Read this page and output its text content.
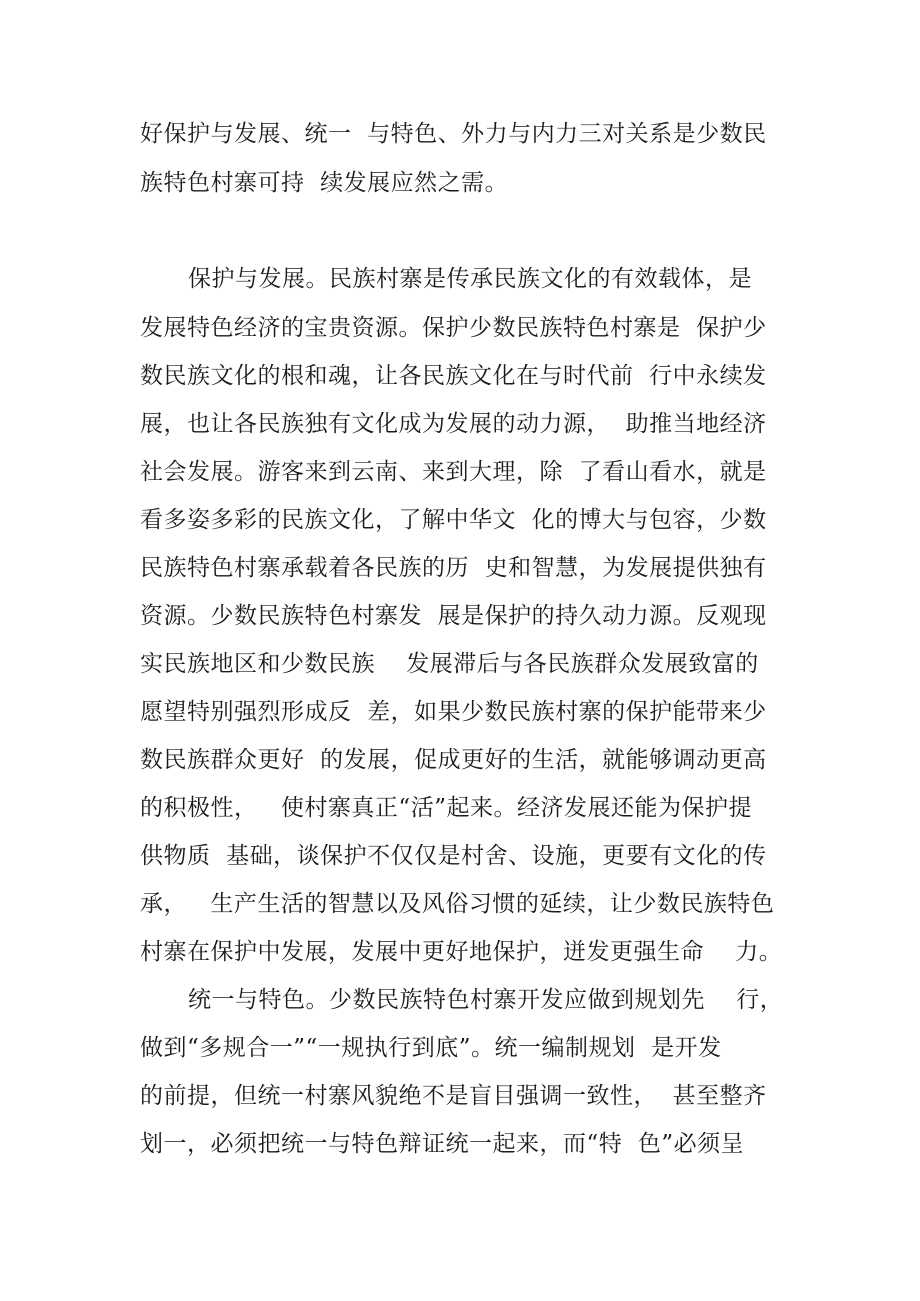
好保护与发展、统一  与特色、外力与内力三对关系是少数民
族特色村寨可持  续发展应然之需。
保护与发展。民族村寨是传承民族文化的有效载体，是
发展特色经济的宝贵资源。保护少数民族特色村寨是  保护少
数民族文化的根和魂，让各民族文化在与时代前  行中永续发
展，也让各民族独有文化成为发展的动力源，  助推当地经济
社会发展。游客来到云南、来到大理，除  了看山看水，就是
看多姿多彩的民族文化，了解中华文  化的博大与包容，少数
民族特色村寨承载着各民族的历  史和智慧，为发展提供独有
资源。少数民族特色村寨发  展是保护的持久动力源。反观现
实民族地区和少数民族    发展滞后与各民族群众发展致富的
愿望特别强烈形成反  差，如果少数民族村寨的保护能带来少
数民族群众更好  的发展，促成更好的生活，就能够调动更高
的积极性，   使村寨真正“活”起来。经济发展还能为保护提
供物质  基础，谈保护不仅仅是村舍、设施，更要有文化的传
承，   生产生活的智慧以及风俗习惯的延续，让少数民族特色
村寨在保护中发展，发展中更好地保护，迸发更强生命    力。
统一与特色。少数民族特色村寨开发应做到规划先    行，
做到“多规合一”“一规执行到底”。统一编制规划  是开发
的前提，但统一村寨风貌绝不是盲目强调一致性，  甚至整齐
划一，必须把统一与特色辩证统一起来，而“特  色”必须呈
